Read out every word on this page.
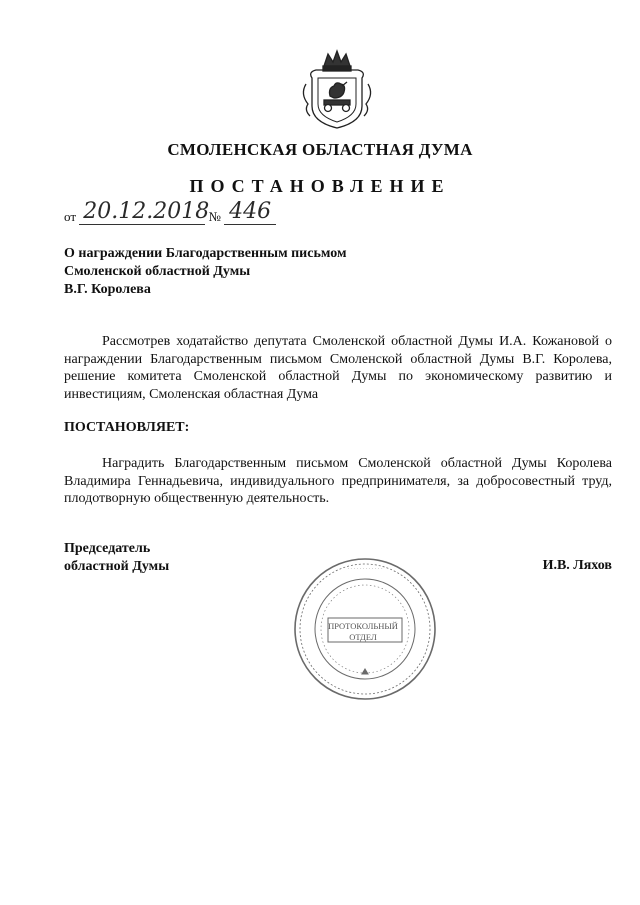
СМОЛЕНСКАЯ ОБЛАСТНАЯ ДУМА
ПОСТАНОВЛЕНИЕ
от 20.12.2018 № 446
О награждении Благодарственным письмом
Смоленской областной Думы
В.Г. Королева
Рассмотрев ходатайство депутата Смоленской областной Думы И.А. Кожановой о награждении Благодарственным письмом Смоленской областной Думы В.Г. Королева, решение комитета Смоленской областной Думы по экономическому развитию и инвестициям, Смоленская областная Дума
ПОСТАНОВЛЯЕТ:
Наградить Благодарственным письмом Смоленской областной Думы Королева Владимира Геннадьевича, индивидуального предпринимателя, за добросовестный труд, плодотворную общественную деятельность.
Председатель
областной Думы	И.В. Ляхов
· · · · · · · · · · · ·
ПРОТОКОЛЬНЫЙ
ОТДЕЛ
